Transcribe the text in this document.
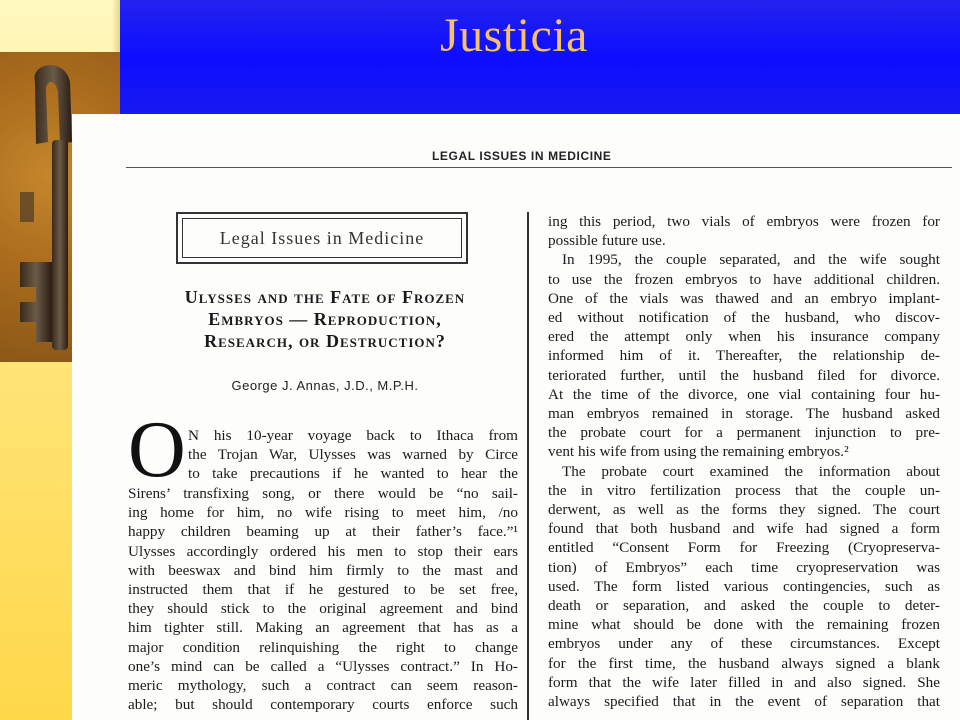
Justicia
LEGAL ISSUES IN MEDICINE
Legal Issues in Medicine
Ulysses and the Fate of Frozen
Embryos — Reproduction,
Research, or Destruction?
George J. Annas, J.D., M.P.H.
O N his 10-year voyage back to Ithaca from
the Trojan War, Ulysses was warned by Circe
to take precautions if he wanted to hear the
Sirens’ transfixing song, or there would be “no sail-
ing home for him, no wife rising to meet him, /no
happy children beaming up at their father’s face.”¹
Ulysses accordingly ordered his men to stop their ears
with beeswax and bind him firmly to the mast and
instructed them that if he gestured to be set free,
they should stick to the original agreement and bind
him tighter still. Making an agreement that has as a
major condition relinquishing the right to change
one’s mind can be called a “Ulysses contract.” In Ho-
meric mythology, such a contract can seem reason-
able; but should contemporary courts enforce such
ing this period, two vials of embryos were frozen for
possible future use.
In 1995, the couple separated, and the wife sought
to use the frozen embryos to have additional children.
One of the vials was thawed and an embryo implant-
ed without notification of the husband, who discov-
ered the attempt only when his insurance company
informed him of it. Thereafter, the relationship de-
teriorated further, until the husband filed for divorce.
At the time of the divorce, one vial containing four hu-
man embryos remained in storage. The husband asked
the probate court for a permanent injunction to pre-
vent his wife from using the remaining embryos.²
The probate court examined the information about
the in vitro fertilization process that the couple un-
derwent, as well as the forms they signed. The court
found that both husband and wife had signed a form
entitled “Consent Form for Freezing (Cryopreserva-
tion) of Embryos” each time cryopreservation was
used. The form listed various contingencies, such as
death or separation, and asked the couple to deter-
mine what should be done with the remaining frozen
embryos under any of these circumstances. Except
for the first time, the husband always signed a blank
form that the wife later filled in and also signed. She
always specified that in the event of separation that
